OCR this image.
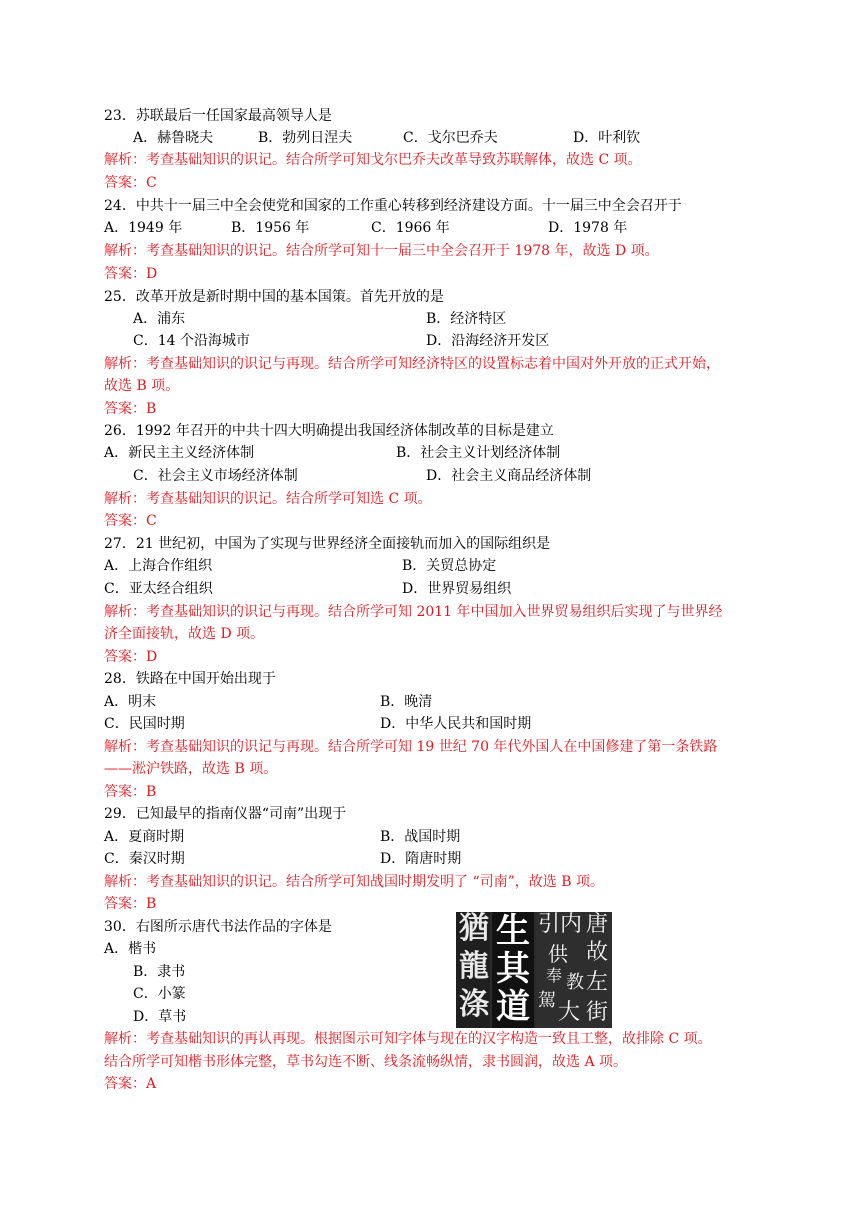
23．苏联最后一任国家最高领导人是
A．赫鲁晓夫	B．勃列日涅夫	C．戈尔巴乔夫	D．叶利钦
解析：考查基础知识的识记。结合所学可知戈尔巴乔夫改革导致苏联解体，故选 C 项。
答案：C
24．中共十一届三中全会使党和国家的工作重心转移到经济建设方面。十一届三中全会召开于
A．1949 年	B．1956 年	C．1966 年	D．1978 年
解析：考查基础知识的识记。结合所学可知十一届三中全会召开于 1978 年，故选 D 项。
答案：D
25．改革开放是新时期中国的基本国策。首先开放的是
A．浦东	B．经济特区
C．14 个沿海城市	D．沿海经济开发区
解析：考查基础知识的识记与再现。结合所学可知经济特区的设置标志着中国对外开放的正式开始，
故选 B 项。
答案：B
26．1992 年召开的中共十四大明确提出我国经济体制改革的目标是建立
A．新民主主义经济体制	B．社会主义计划经济体制
C．社会主义市场经济体制	D．社会主义商品经济体制
解析：考查基础知识的识记。结合所学可知选 C 项。
答案：C
27．21 世纪初，中国为了实现与世界经济全面接轨而加入的国际组织是
A．上海合作组织	B．关贸总协定
C．亚太经合组织	D．世界贸易组织
解析：考查基础知识的识记与再现。结合所学可知 2011 年中国加入世界贸易组织后实现了与世界经
济全面接轨，故选 D 项。
答案：D
28．铁路在中国开始出现于
A．明末	B．晚清
C．民国时期	D．中华人民共和国时期
解析：考查基础知识的识记与再现。结合所学可知 19 世纪 70 年代外国人在中国修建了第一条铁路
——淞沪铁路，故选 B 项。
答案：B
29．已知最早的指南仪器“司南”出现于
A．夏商时期	B．战国时期
C．秦汉时期	D．隋唐时期
解析：考查基础知识的识记。结合所学可知战国时期发明了 “司南”，故选 B 项。
答案：B
30．右图所示唐代书法作品的字体是
A．楷书
B．隶书
C．小篆
D．草书
猶
龍
涤
生
其
道
引 内
供
奉
駕 大
唐
故
左
街
教
解析：考查基础知识的再认再现。根据图示可知字体与现在的汉字构造一致且工整，故排除 C 项。
结合所学可知楷书形体完整，草书勾连不断、线条流畅纵情，隶书圆润，故选 A 项。
答案：A
